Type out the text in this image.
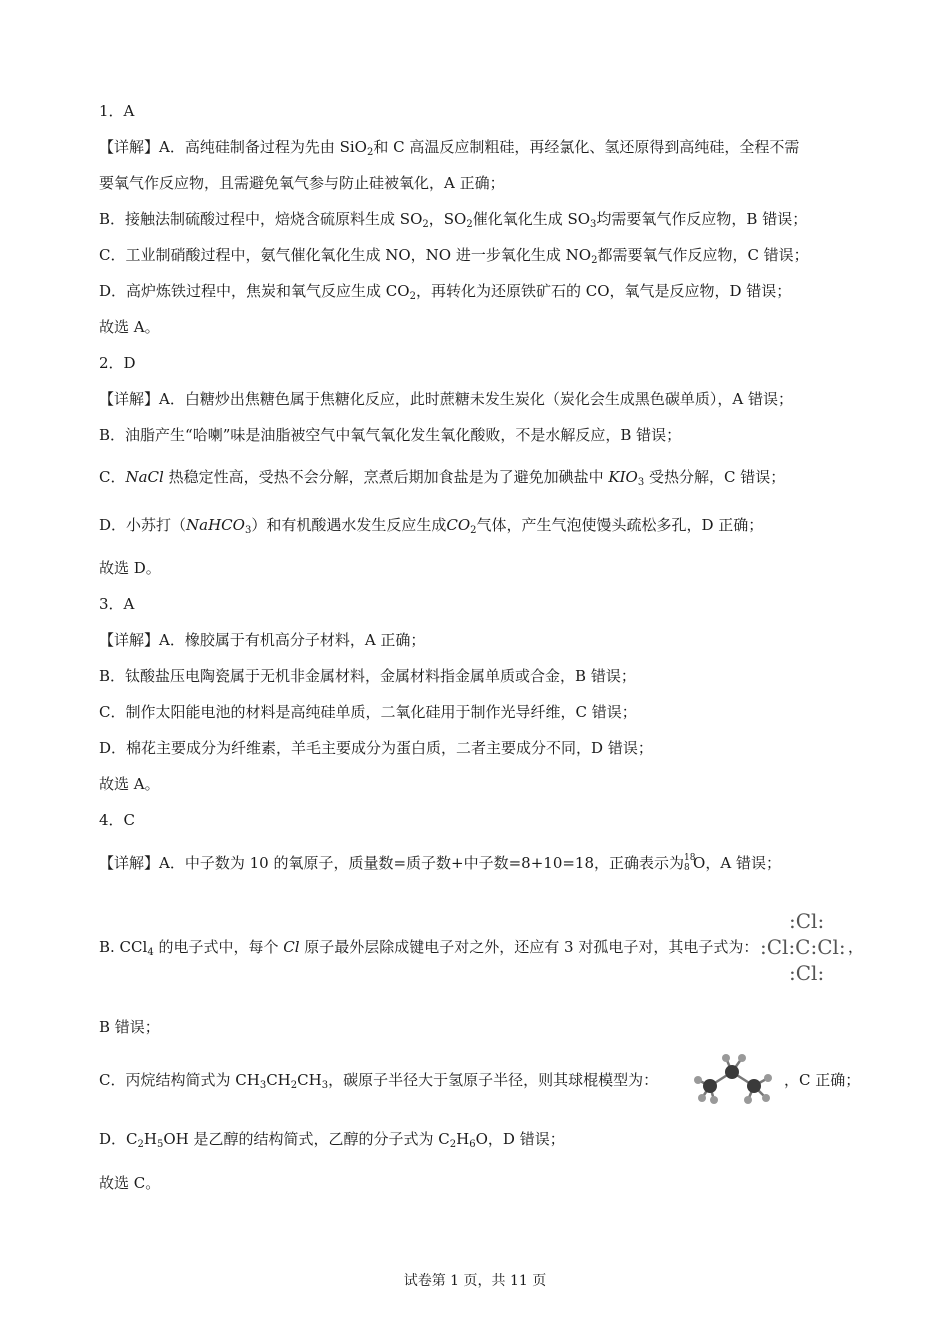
1．A
【详解】A．高纯硅制备过程为先由 SiO$_2$和 C 高温反应制粗硅，再经氯化、氢还原得到高纯硅，全程不需
要氧气作反应物，且需避免氧气参与防止硅被氧化，A 正确；
B．接触法制硫酸过程中，焙烧含硫原料生成 $SO_2$，$SO_2$催化氧化生成 $SO_3$均需要氧气作反应物，B 错误；
C．工业制硝酸过程中，氨气催化氧化生成 NO，NO 进一步氧化生成 $NO_2$都需要氧气作反应物，C 错误；
D．高炉炼铁过程中，焦炭和氧气反应生成 $CO_2$，再转化为还原铁矿石的 CO，氧气是反应物，D 错误；
故选 A。
2．D
【详解】A．白糖炒出焦糖色属于焦糖化反应，此时蔗糖未发生炭化（炭化会生成黑色碳单质），A 错误；
B．油脂产生“哈喇”味是油脂被空气中氧气氧化发生氧化酸败，不是水解反应，B 错误；
C．NaCl 热稳定性高，受热不会分解，烹煮后期加食盐是为了避免加碘盐中 $KIO_3$ 受热分解，C 错误；
D．小苏打（NaHCO$_3$）和有机酸遇水发生反应生成$CO_2$气体，产生气泡使馒头疏松多孔，D 正确；
故选 D。
3．A
【详解】A．橡胶属于有机高分子材料，A 正确；
B．钛酸盐压电陶瓷属于无机非金属材料，金属材料指金属单质或合金，B 错误；
C．制作太阳能电池的材料是高纯硅单质，二氧化硅用于制作光导纤维，C 错误；
D．棉花主要成分为纤维素，羊毛主要成分为蛋白质，二者主要成分不同，D 错误；
故选 A。
4．C
【详解】A．中子数为 10 的氧原子，质量数=质子数+中子数=8+10=18，正确表示为 18
8 O，A 错误；
B. CCl$_4$ 的电子式中，每个 Cl 原子最外层除成键电子对之外，还应有 3 对孤电子对，其电子式为：	，
:Cl:
:Cl:C:Cl:
:Cl:
B 错误；
C．丙烷结构简式为 $CH_3CH_2CH_3$，碳原子半径大于氢原子半径，则其球棍模型为：	，C 正确；
D．$C_2H_5OH$ 是乙醇的结构简式，乙醇的分子式为 $C_2H_6O$，D 错误；
故选 C。
试卷第 1 页，共 11 页
